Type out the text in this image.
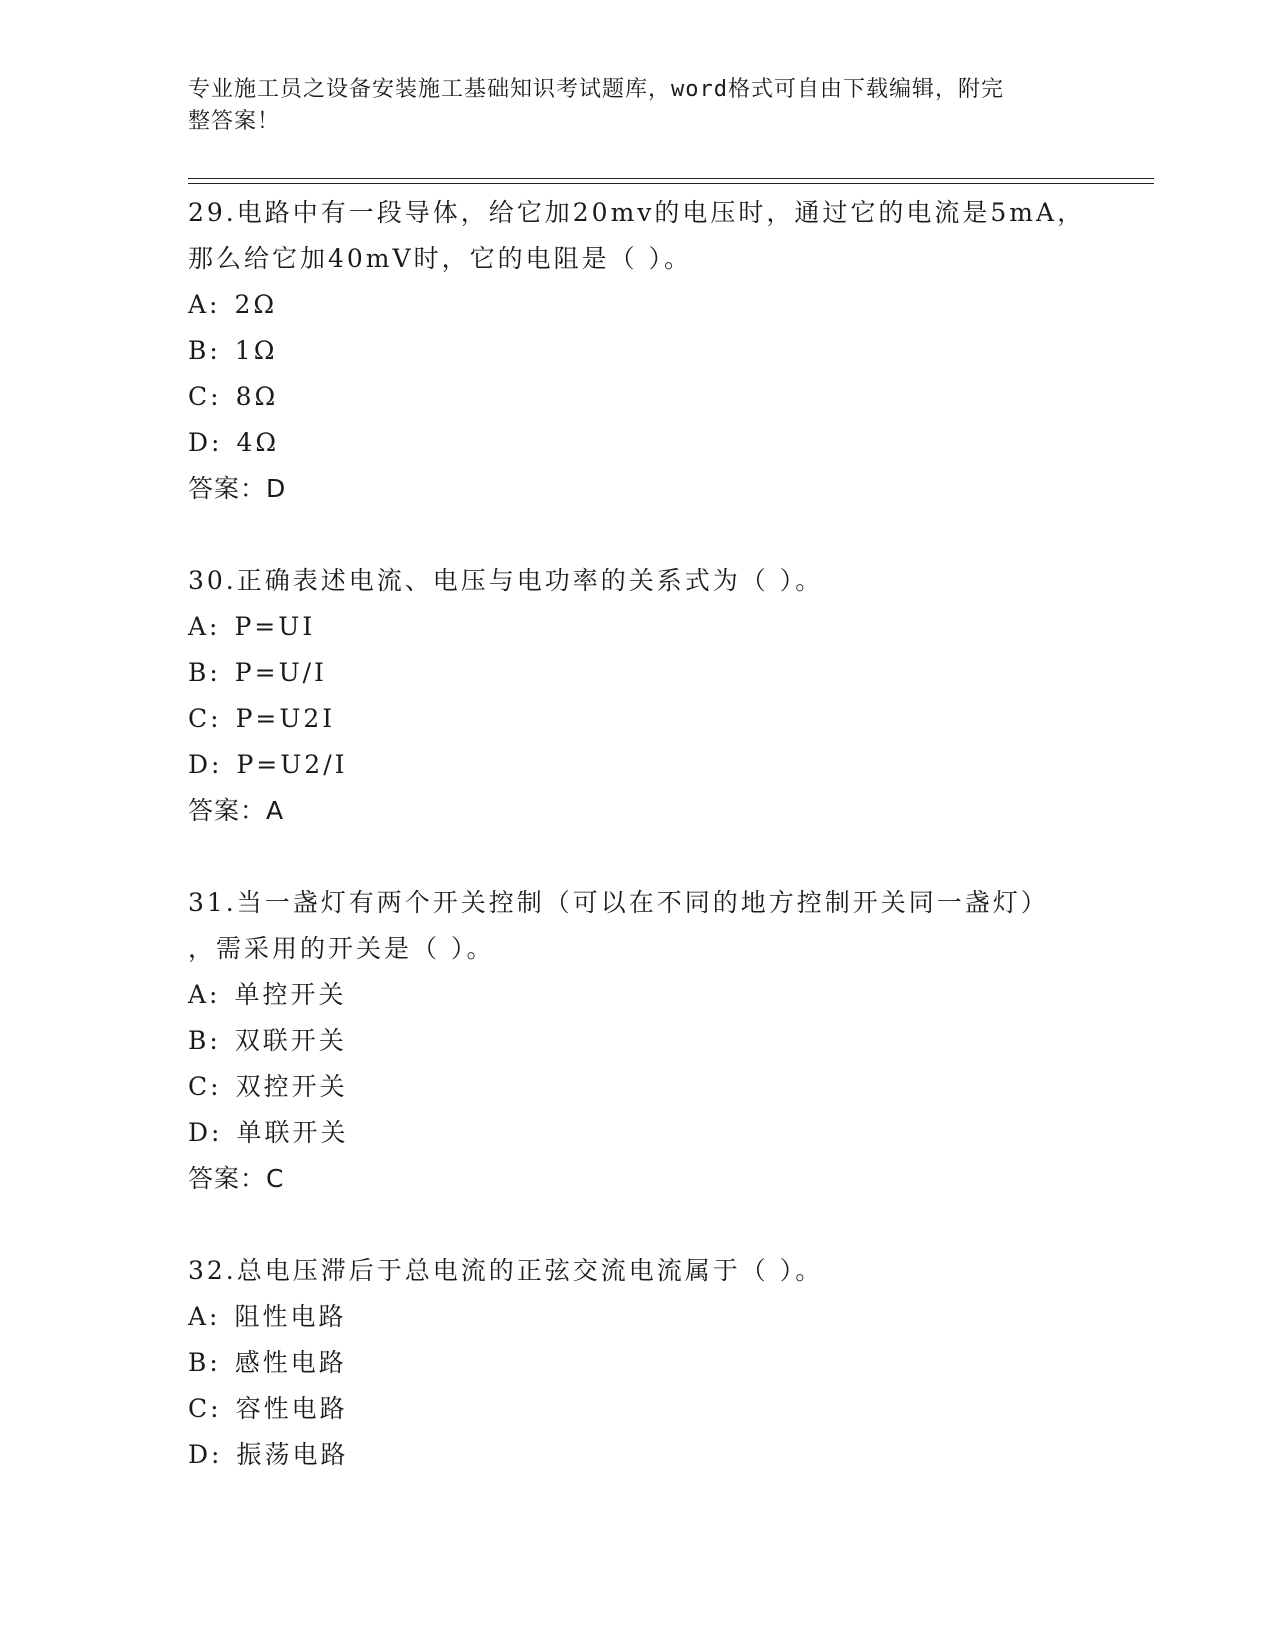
专业施工员之设备安装施工基础知识考试题库，word格式可自由下载编辑，附完
整答案！
29.电路中有一段导体，给它加20mv的电压时，通过它的电流是5mA，
那么给它加40mV时，它的电阻是（ ）。
A: 2Ω
B: 1Ω
C: 8Ω
D: 4Ω
答案：D
30.正确表述电流、电压与电功率的关系式为（ ）。
A: P=UI
B: P=U/I
C: P=U2I
D: P=U2/I
答案：A
31.当一盏灯有两个开关控制（可以在不同的地方控制开关同一盏灯）
，需采用的开关是（ ）。
A: 单控开关
B: 双联开关
C: 双控开关
D: 单联开关
答案：C
32.总电压滞后于总电流的正弦交流电流属于（ ）。
A: 阻性电路
B: 感性电路
C: 容性电路
D: 振荡电路
